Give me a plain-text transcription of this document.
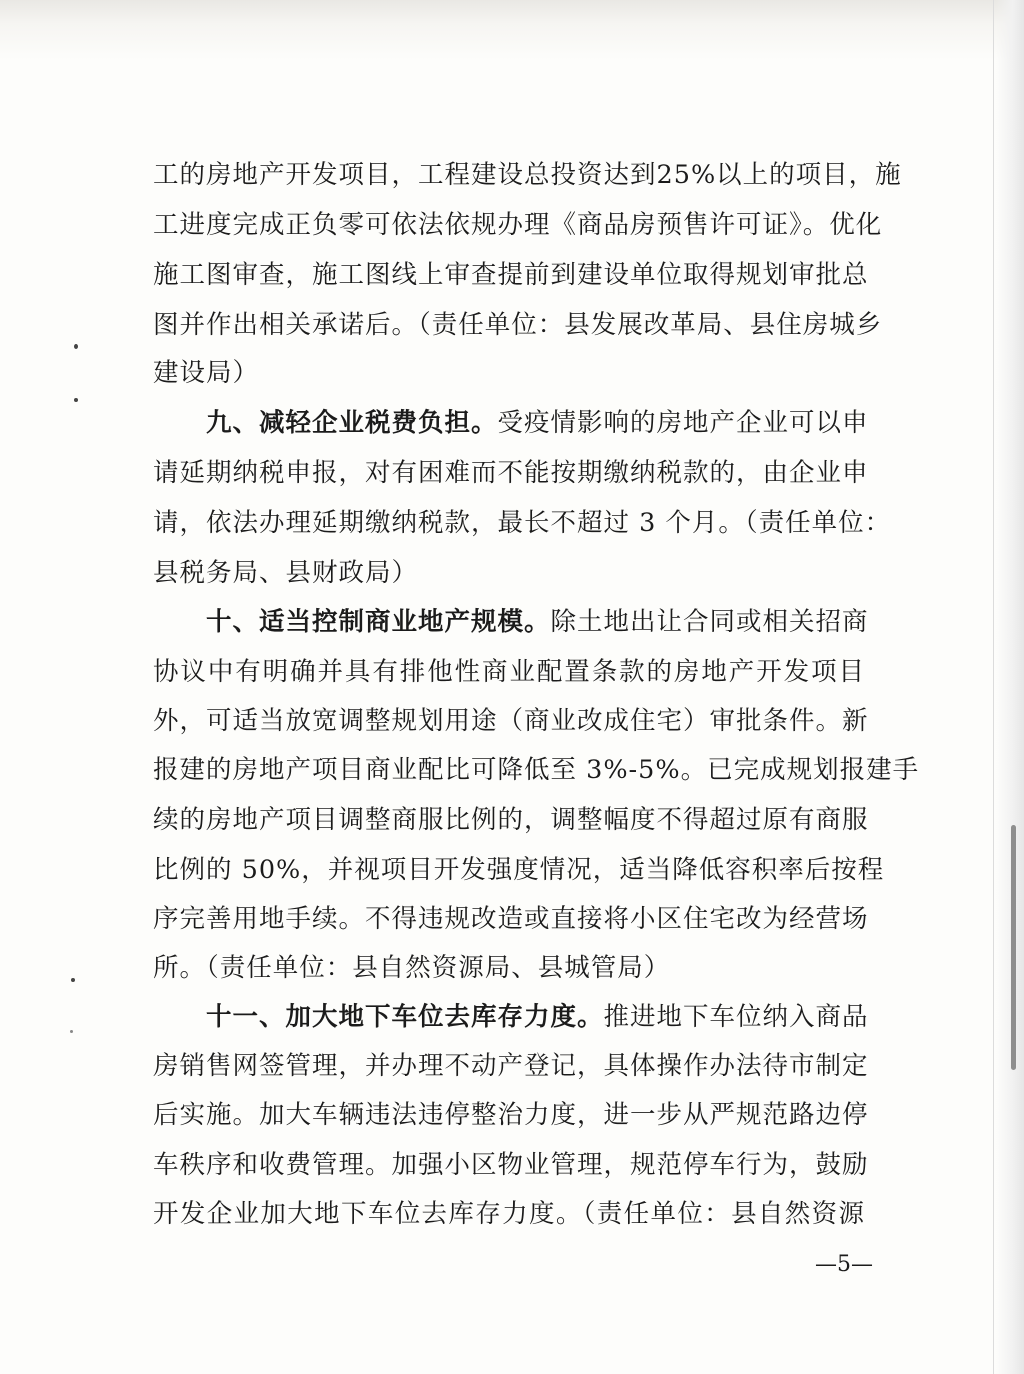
工的房地产开发项目，工程建设总投资达到25%以上的项目，施
工进度完成正负零可依法依规办理《商品房预售许可证》。优化
施工图审查，施工图线上审查提前到建设单位取得规划审批总
图并作出相关承诺后。（责任单位：县发展改革局、县住房城乡
建设局）
九、减轻企业税费负担。受疫情影响的房地产企业可以申
请延期纳税申报，对有困难而不能按期缴纳税款的，由企业申
请，依法办理延期缴纳税款，最长不超过 3 个月。（责任单位：
县税务局、县财政局）
十、适当控制商业地产规模。除土地出让合同或相关招商
协议中有明确并具有排他性商业配置条款的房地产开发项目
外，可适当放宽调整规划用途（商业改成住宅）审批条件。新
报建的房地产项目商业配比可降低至 3%-5%。已完成规划报建手
续的房地产项目调整商服比例的，调整幅度不得超过原有商服
比例的 50%，并视项目开发强度情况，适当降低容积率后按程
序完善用地手续。不得违规改造或直接将小区住宅改为经营场
所。（责任单位：县自然资源局、县城管局）
十一、加大地下车位去库存力度。推进地下车位纳入商品
房销售网签管理，并办理不动产登记，具体操作办法待市制定
后实施。加大车辆违法违停整治力度，进一步从严规范路边停
车秩序和收费管理。加强小区物业管理，规范停车行为，鼓励
开发企业加大地下车位去库存力度。（责任单位：县自然资源
—5—
